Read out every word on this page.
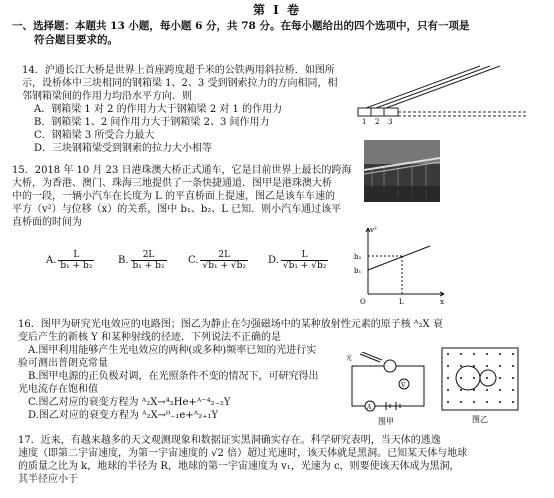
第 Ⅰ 卷
一、选择题：本题共 13 小题，每小题 6 分，共 78 分。在每小题给出的四个选项中，只有一项是
符合题目要求的。
14．沪通长江大桥是世界上首座跨度超千米的公铁两用斜拉桥．如图所
示，设桥体中三块相同的钢箱梁 1、2、3 受到钢索拉力的方向相同，相
邻钢箱梁间的作用力均沿水平方向．则
A．钢箱梁 1 对 2 的作用力大于钢箱梁 2 对 1 的作用力
B．钢箱梁 1、2 间作用力大于钢箱梁 2、3 间作用力
C．钢箱梁 3 所受合力最大
D．三块钢箱梁受到钢索的拉力大小相等
1 2 3
15．2018 年 10 月 23 日港珠澳大桥正式通车，它是目前世界上最长的跨海
大桥，为香港、澳门、珠海三地提供了一条快捷通道．图甲是港珠澳大桥
中的一段，一辆小汽车在长度为 L 的平直桥面上提速，图乙是该车车速的
平方（v²）与位移（x）的关系，图中 b₁、b₂、L 已知．则小汽车通过该平
直桥面的时间为
A. $\frac{L}{\text{b₁ + b₂}} B$. $\frac{2L}{\text{b₁ + b₂}} C$. $\frac{2L}{\text{√b₁ + √b₂}} D$. $\frac{L}{\text{√b₁ + √b₂}}$
v²
x
O
b₂
b₁
L
16．图甲为研究光电效应的电路图；图乙为静止在匀强磁场中的某种放射性元素的原子核 ᴬ₂X 衰
变后产生的新核 Y 和某种射线的径迹．下列说法不正确的是
A.图甲利用能够产生光电效应的两种(或多种)频率已知的光进行实
验可测出普朗克常量
B.图甲电源的正负极对调，在光照条件不变的情况下，可研究得出
光电流存在饱和值
C.图乙对应的衰变方程为 ᴬ₂X→⁴₂He+ᴬ⁻⁴₂₋₂Y
D.图乙对应的衰变方程为 ᴬ₂X→⁰₋₁e+ᴬ₂₊₁Y
光
V
A
图甲	图乙
17．近来，有越来越多的天文观测现象和数据证实黑洞确实存在。科学研究表明，当天体的逃逸
速度（即第二宇宙速度，为第一宇宙速度的 √2 倍）超过光速时，该天体就是黑洞。已知某天体与地球
的质量之比为 k，地球的半径为 R，地球的第一宇宙速度为 v₁，光速为 c，则要使该天体成为黑洞，
其半径应小于
